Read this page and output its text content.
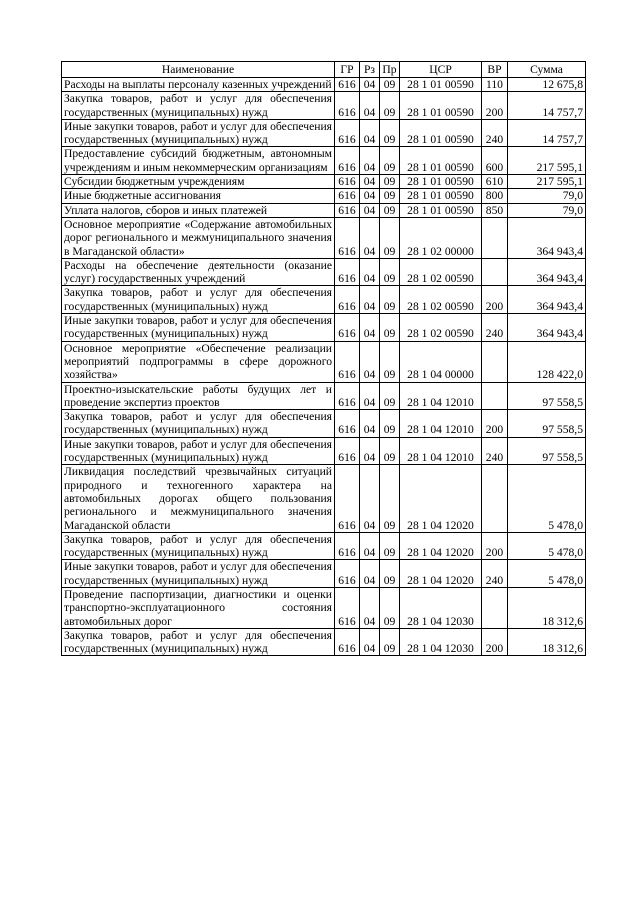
Наименование	ГР	Рз	Пр	ЦСР	ВР	Сумма
Расходы на выплаты персоналу казенных учреждений	616	04	09	28 1 01 00590	110	12 675,8
Закупка товаров, работ и услуг для обеспечения государственных (муниципальных) нужд	616	04	09	28 1 01 00590	200	14 757,7
Иные закупки товаров, работ и услуг для обеспечения государственных (муниципальных) нужд	616	04	09	28 1 01 00590	240	14 757,7
Предоставление субсидий бюджетным, автономным учреждениям и иным некоммерческим организациям	616	04	09	28 1 01 00590	600	217 595,1
Субсидии бюджетным учреждениям	616	04	09	28 1 01 00590	610	217 595,1
Иные бюджетные ассигнования	616	04	09	28 1 01 00590	800	79,0
Уплата налогов, сборов и иных платежей	616	04	09	28 1 01 00590	850	79,0
Основное мероприятие «Содержание автомобильных дорог регионального и межмуниципального значения в Магаданской области»	616	04	09	28 1 02 00000		364 943,4
Расходы на обеспечение деятельности (оказание услуг) государственных учреждений	616	04	09	28 1 02 00590		364 943,4
Закупка товаров, работ и услуг для обеспечения государственных (муниципальных) нужд	616	04	09	28 1 02 00590	200	364 943,4
Иные закупки товаров, работ и услуг для обеспечения государственных (муниципальных) нужд	616	04	09	28 1 02 00590	240	364 943,4
Основное мероприятие «Обеспечение реализации мероприятий подпрограммы в сфере дорожного хозяйства»	616	04	09	28 1 04 00000		128 422,0
Проектно-изыскательские работы будущих лет и проведение экспертиз проектов	616	04	09	28 1 04 12010		97 558,5
Закупка товаров, работ и услуг для обеспечения государственных (муниципальных) нужд	616	04	09	28 1 04 12010	200	97 558,5
Иные закупки товаров, работ и услуг для обеспечения государственных (муниципальных) нужд	616	04	09	28 1 04 12010	240	97 558,5
Ликвидация последствий чрезвычайных ситуаций природного и техногенного характера на автомобильных дорогах общего пользования регионального и межмуниципального значения Магаданской области	616	04	09	28 1 04 12020		5 478,0
Закупка товаров, работ и услуг для обеспечения государственных (муниципальных) нужд	616	04	09	28 1 04 12020	200	5 478,0
Иные закупки товаров, работ и услуг для обеспечения государственных (муниципальных) нужд	616	04	09	28 1 04 12020	240	5 478,0
Проведение паспортизации, диагностики и оценки транспортно-эксплуатационного состояния автомобильных дорог	616	04	09	28 1 04 12030		18 312,6
Закупка товаров, работ и услуг для обеспечения государственных (муниципальных) нужд	616	04	09	28 1 04 12030	200	18 312,6
